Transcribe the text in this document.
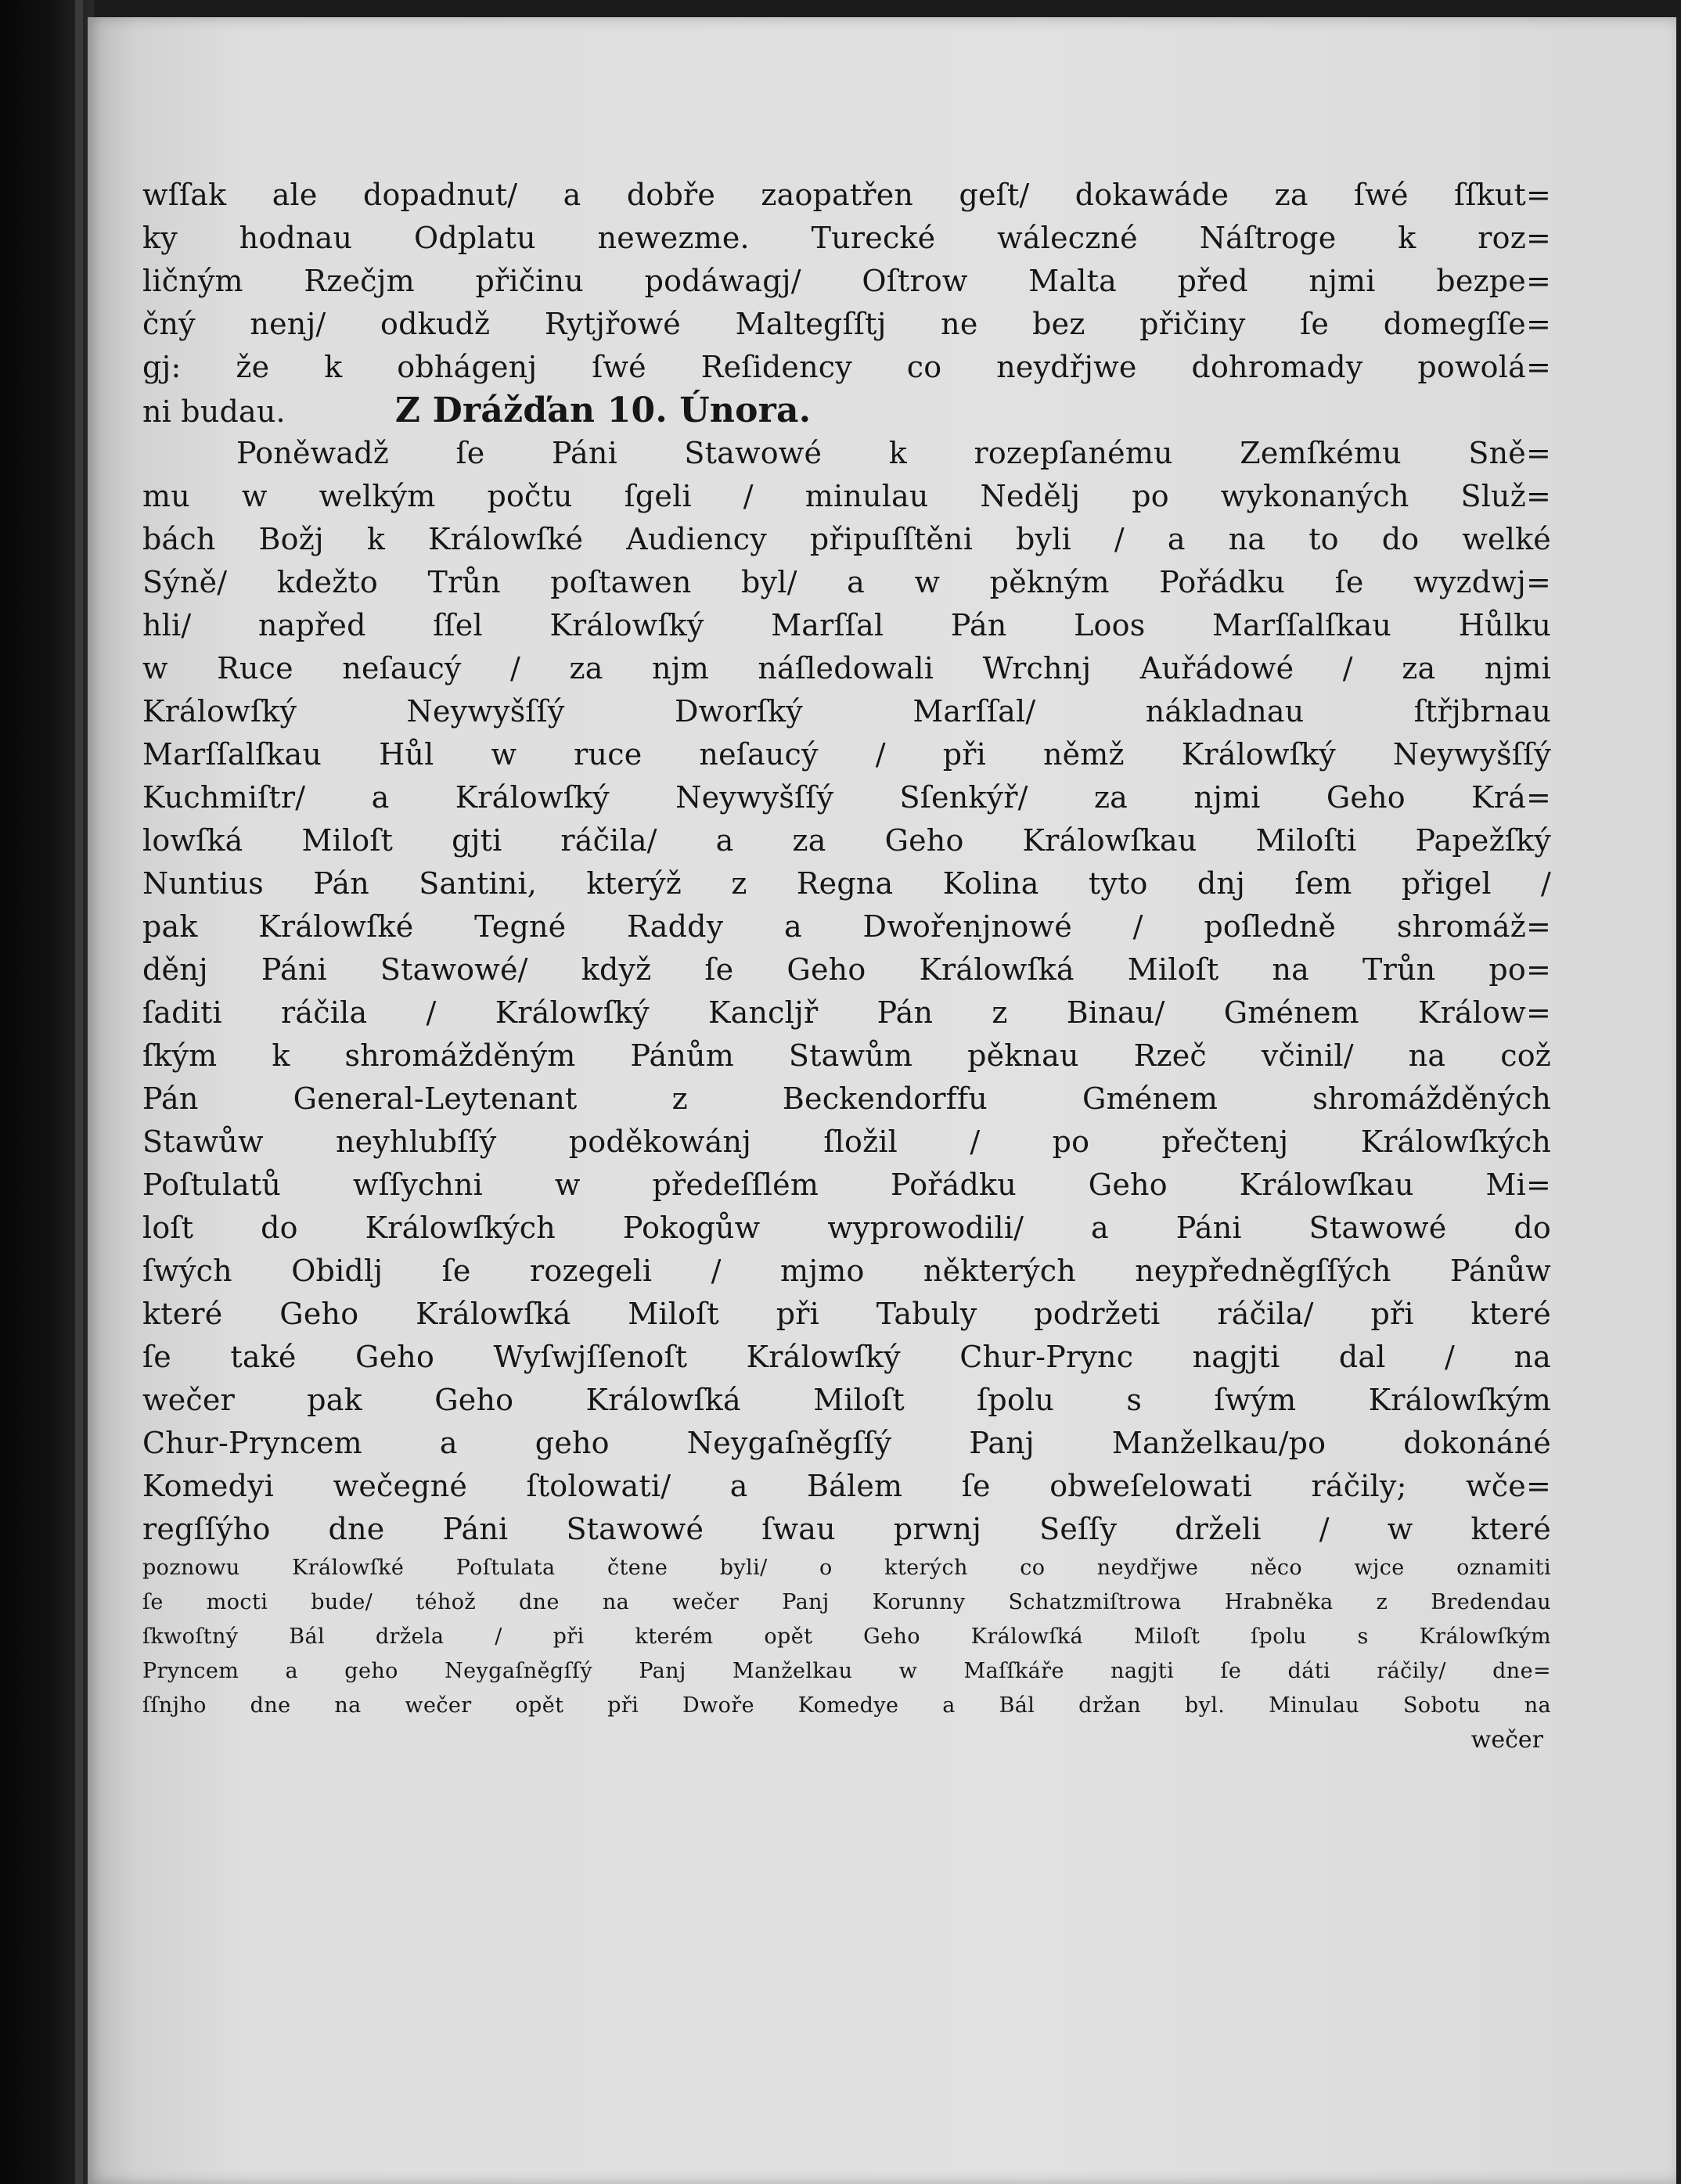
wſſak ale dopadnut/ a dobře zaopatřen geſt/ dokawáde za ſwé ſſkut=
ky hodnau Odplatu newezme. Turecké wáleczné Náſtroge k roz=
ličným Rzečjm přičinu podáwagj/ Oſtrow Malta před njmi bezpe=
čný nenj/ odkudž Rytjřowé Maltegſſtj ne bez přičiny ſe domegſſe=
gj: že k obhágenj ſwé Reſidency co neydřjwe dohromady powolá=
ni budau.	Z Drážďan 10. Února.
Poněwadž ſe Páni Stawowé k rozepſanému Zemſkému Sně=
mu w welkým počtu ſgeli / minulau Nedělj po wykonaných Služ=
bách Božj k Králowſké Audiency připuſſtěni byli / a na to do welké
Sýně/ kdežto Trůn poſtawen byl/ a w pěkným Pořádku ſe wyzdwj=
hli/ napřed ſſel Králowſký Marſſal Pán Loos Marſſalſkau Hůlku
w Ruce neſaucý / za njm náſledowali Wrchnj Auřádowé / za njmi
Králowſký Neywyšſſý Dworſký Marſſal/ nákladnau ſtřjbrnau
Marſſalſkau Hůl w ruce neſaucý / při němž Králowſký Neywyšſſý
Kuchmiſtr/ a Králowſký Neywyšſſý Sſenkýř/ za njmi Geho Krá=
lowſká Miloſt gjti ráčila/ a za Geho Králowſkau Miloſti Papežſký
Nuntius Pán Santini, kterýž z Regna Kolina tyto dnj ſem přigel /
pak Králowſké Tegné Raddy a Dwořenjnowé / poſledně shromáž=
děnj Páni Stawowé/ když ſe Geho Králowſká Miloſt na Trůn po=
ſaditi ráčila / Králowſký Kancljř Pán z Binau/ Gménem Králow=
ſkým k shromážděným Pánům Stawům pěknau Rzeč včinil/ na což
Pán General-Leytenant z Beckendorffu Gménem shromážděných
Stawůw neyhlubſſý poděkowánj ſložil / po přečtenj Králowſkých
Poſtulatů wſſychni w předeſſlém Pořádku Geho Králowſkau Mi=
loſt do Králowſkých Pokogůw wyprowodili/ a Páni Stawowé do
ſwých Obidlj ſe rozegeli / mjmo některých neypředněgſſých Pánůw
které Geho Králowſká Miloſt při Tabuly podržeti ráčila/ při které
ſe také Geho Wyſwjſſenoſt Králowſký Chur-Prync nagjti dal / na
wečer pak Geho Králowſká Miloſt ſpolu s ſwým Králowſkým
Chur-Pryncem a geho Neygaſněgſſý Panj Manželkau/po dokonáné
Komedyi wečegné ſtolowati/ a Bálem ſe obweſelowati ráčily; wče=
regſſýho dne Páni Stawowé ſwau prwnj Seſſy drželi / w které
poznowu Králowſké Poſtulata čtene byli/ o kterých co neydřjwe něco wjce oznamiti
ſe mocti bude/ téhož dne na wečer Panj Korunny Schatzmiſtrowa Hrabněka z Bredendau
ſkwoſtný Bál držela / při kterém opět Geho Králowſká Miloſt ſpolu s Králowſkým
Pryncem a geho Neygaſněgſſý Panj Manželkau w Maſſkáře nagjti ſe dáti ráčily/ dne=
ſſnjho dne na wečer opět při Dwoře Komedye a Bál držan byl. Minulau Sobotu na
wečer
